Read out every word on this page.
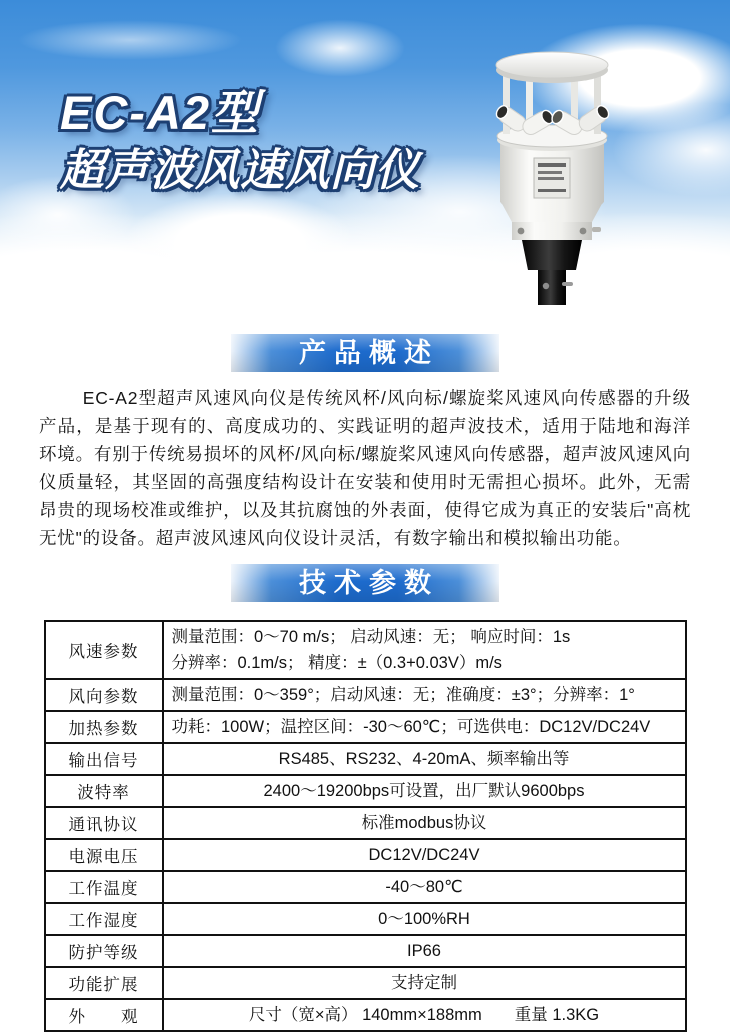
EC-A2型
超声波风速风向仪
产品概述

EC-A2型超声风速风向仪是传统风杯/风向标/螺旋桨风速风向传感器的升级产品，是基于现有的、高度成功的、实践证明的超声波技术，适用于陆地和海洋环境。有别于传统易损坏的风杯/风向标/螺旋桨风速风向传感器，超声波风速风向仪质量轻，其坚固的高强度结构设计在安装和使用时无需担心损坏。此外，无需昂贵的现场校准或维护，以及其抗腐蚀的外表面，使得它成为真正的安装后"高枕无忧"的设备。超声波风速风向仪设计灵活，有数字输出和模拟输出功能。

技术参数
风速参数	测量范围：0～70 m/s； 启动风速：无； 响应时间：1s
分辨率：0.1m/s； 精度：±（0.3+0.03V）m/s

风向参数	测量范围：0～359°；启动风速：无；准确度：±3°；分辨率：1°

加热参数	功耗：100W；温控区间：-30～60℃；可选供电：DC12V/DC24V

输出信号	RS485、RS232、4-20mA、频率输出等

波特率	2400～19200bps可设置，出厂默认9600bps

通讯协议	标准modbus协议

电源电压	DC12V/DC24V

工作温度	-40～80℃

工作湿度	0～100%RH

防护等级	IP66

功能扩展	支持定制

外　　观	尺寸（宽×高） 140mm×188mm　　重量 1.3KG
